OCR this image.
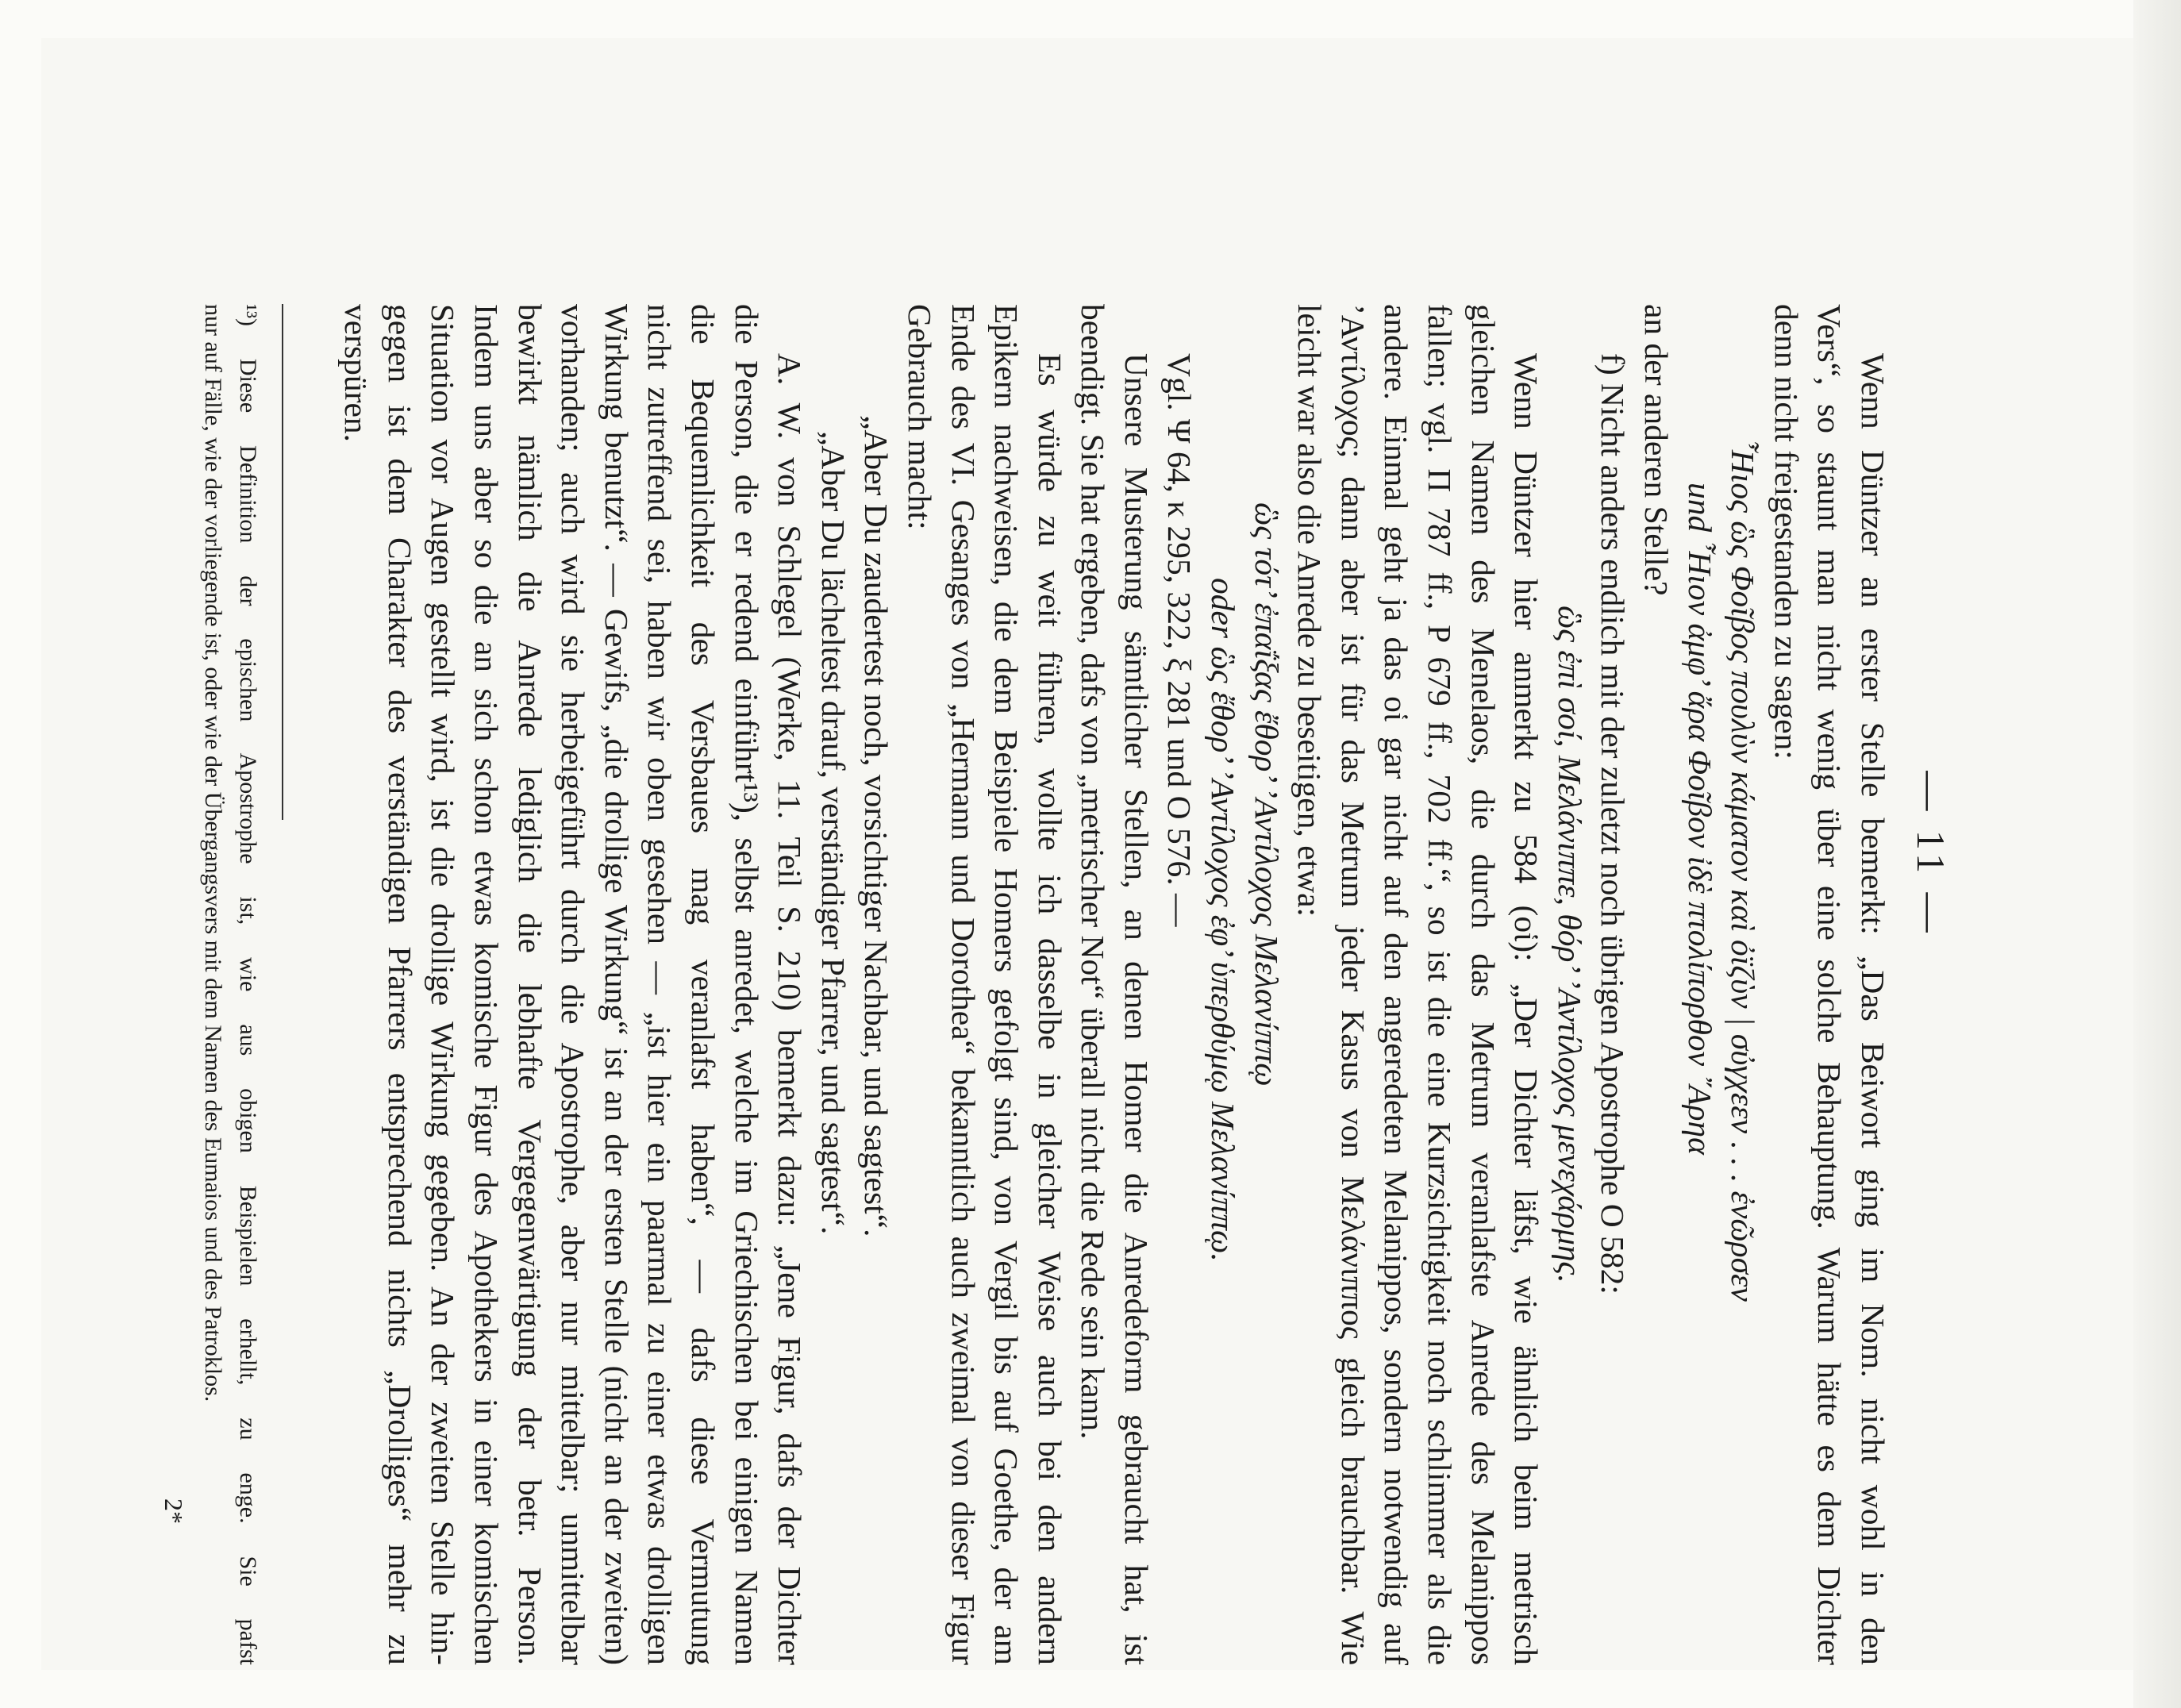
— 11 —
Wenn Düntzer an erster Stelle bemerkt: „Das Beiwort ging im Nom. nicht wohl in den
Vers“, so staunt man nicht wenig über eine solche Behauptung. Warum hätte es dem Dichter
denn nicht freigestanden zu sagen:
῏Ηιος ὣς Φοῖβος πουλὺν κάματον καὶ ὀϊζὺν | σὐγχεεν . . . ἐνῶρσεν
und ῏Ηιον ἀμφ’ ἄρα Φοῖβον ἰδὲ πτολίπορθον ῎Αρηα
an der anderen Stelle?
f) Nicht anders endlich mit der zuletzt noch übrigen Apostrophe O 582:
ὣς ἐπὶ σοί, Μελάνιππε, θόρ’ ’Αντίλοχος μενεχάρμης.
Wenn Düntzer hier anmerkt zu 584 (οἱ): „Der Dichter läfst, wie ähnlich beim metrisch
gleichen Namen des Menelaos, die durch das Metrum veranlafste Anrede des Melanippos
fallen; vgl. Π 787 ff., P 679 ff., 702 ff.“, so ist die eine Kurzsichtigkeit noch schlimmer als die
andere. Einmal geht ja das οἱ gar nicht auf den angeredeten Melanippos, sondern notwendig auf
’Αντίλοχος; dann aber ist für das Metrum jeder Kasus von Μελάνιππος gleich brauchbar. Wie
leicht war also die Anrede zu beseitigen, etwa:
ὣς τότ’ ἐπαΐξας ἔθορ’ ’Αντίλοχος Μελανίππῳ
oder ὣς ἔθορ’ ’Αντίλοχος ἐφ’ ὑπερθύμῳ Μελανίππῳ.
Vgl. Ψ 64, κ 295, 322, ξ 281 und O 576. —
Unsere Musterung sämtlicher Stellen, an denen Homer die Anredeform gebraucht hat, ist
beendigt. Sie hat ergeben, dafs von „metrischer Not“ überall nicht die Rede sein kann.
Es würde zu weit führen, wollte ich dasselbe in gleicher Weise auch bei den andern
Epikern nachweisen, die dem Beispiele Homers gefolgt sind, von Vergil bis auf Goethe, der am
Ende des VI. Gesanges von „Hermann und Dorothea“ bekanntlich auch zweimal von dieser Figur
Gebrauch macht:
„Aber Du zaudertest noch, vorsichtiger Nachbar, und sagtest“.
„Aber Du lächeltest drauf, verständiger Pfarrer, und sagtest“.
A. W. von Schlegel (Werke, 11. Teil S. 210) bemerkt dazu: „Jene Figur, dafs der Dichter
die Person, die er redend einführt¹³), selbst anredet, welche im Griechischen bei einigen Namen
die Bequemlichkeit des Versbaues mag veranlafst haben“, — dafs diese Vermutung
nicht zutreffend sei, haben wir oben gesehen — „ist hier ein paarmal zu einer etwas drolligen
Wirkung benutzt“. — Gewifs, „die drollige Wirkung“ ist an der ersten Stelle (nicht an der zweiten)
vorhanden; auch wird sie herbeigeführt durch die Apostrophe, aber nur mittelbar; unmittelbar
bewirkt nämlich die Anrede lediglich die lebhafte Vergegenwärtigung der betr. Person.
Indem uns aber so die an sich schon etwas komische Figur des Apothekers in einer komischen
Situation vor Augen gestellt wird, ist die drollige Wirkung gegeben. An der zweiten Stelle hin-
gegen ist dem Charakter des verständigen Pfarrers entsprechend nichts „Drolliges“ mehr zu
verspüren.
¹³) Diese Definition der epischen Apostrophe ist, wie aus obigen Beispielen erhellt, zu enge. Sie pafst
nur auf Fälle, wie der vorliegende ist, oder wie der Übergangsvers mit dem Namen des Eumaios und des Patroklos.
2*
